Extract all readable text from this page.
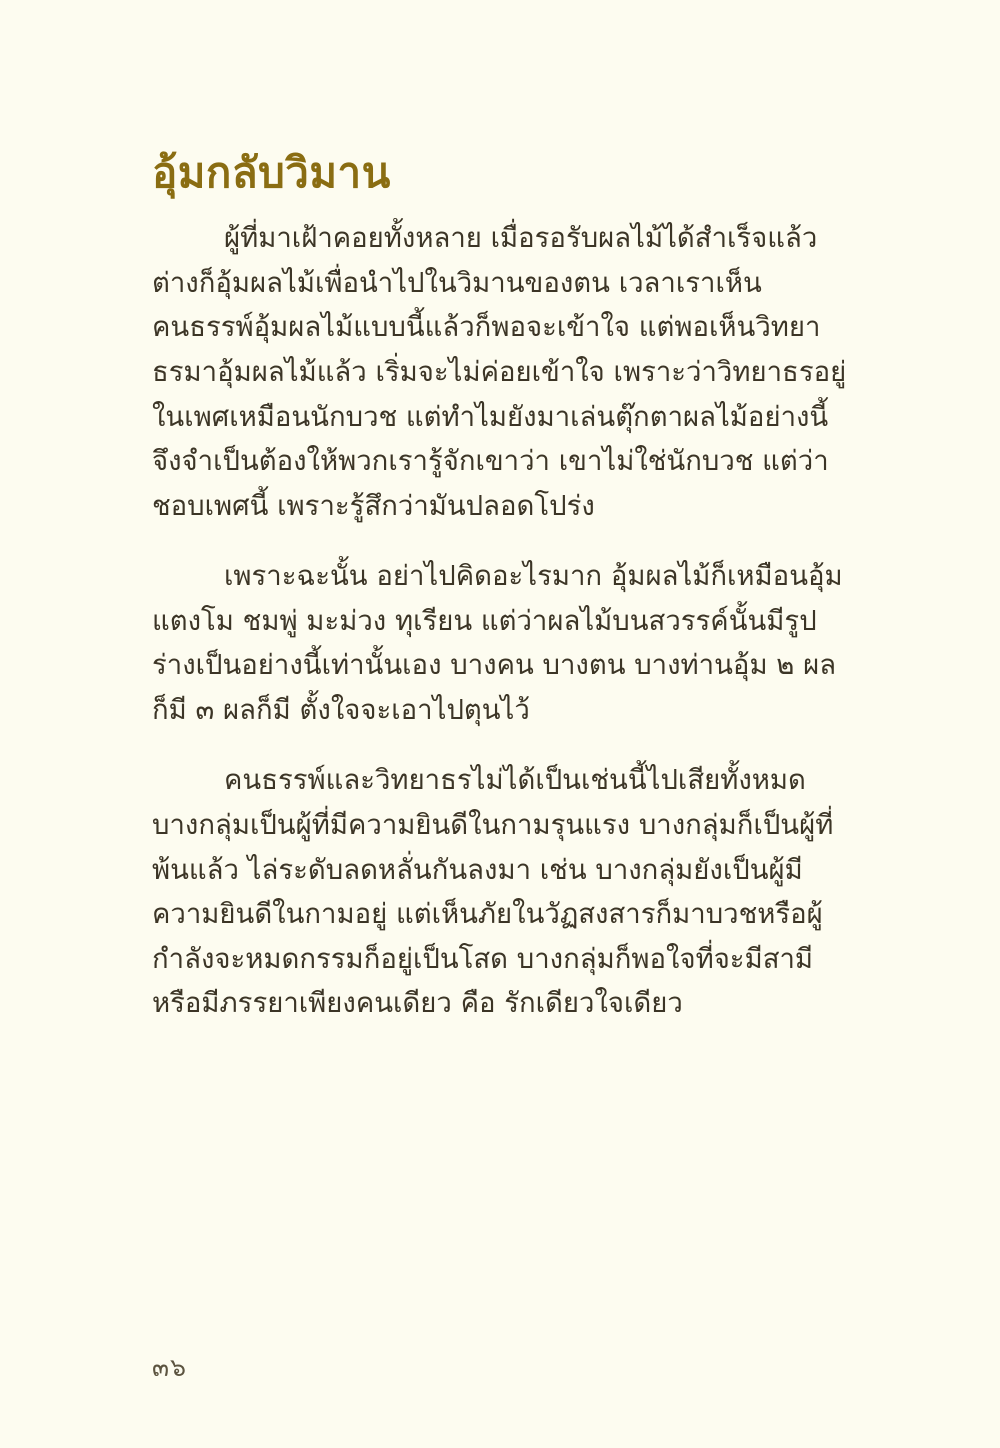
อุ้มกลับวิมาน

ผู้ที่มาเฝ้าคอยทั้งหลาย เมื่อรอรับผลไม้ได้สำเร็จแล้ว ต่างก็อุ้มผลไม้เพื่อนำไปในวิมานของตน เวลาเราเห็นคนธรรพ์อุ้มผลไม้แบบนี้แล้วก็พอจะเข้าใจ แต่พอเห็นวิทยาธรมาอุ้มผลไม้แล้ว เริ่มจะไม่ค่อยเข้าใจ เพราะว่าวิทยาธรอยู่ในเพศเหมือนนักบวช แต่ทำไมยังมาเล่นตุ๊กตาผลไม้อย่างนี้ จึงจำเป็นต้องให้พวกเรารู้จักเขาว่า เขาไม่ใช่นักบวช แต่ว่าชอบเพศนี้ เพราะรู้สึกว่ามันปลอดโปร่ง

เพราะฉะนั้น อย่าไปคิดอะไรมาก อุ้มผลไม้ก็เหมือนอุ้มแตงโม ชมพู่ มะม่วง ทุเรียน แต่ว่าผลไม้บนสวรรค์นั้นมีรูปร่างเป็นอย่างนี้เท่านั้นเอง บางคน บางตน บางท่านอุ้ม ๒ ผลก็มี ๓ ผลก็มี ตั้งใจจะเอาไปตุนไว้

คนธรรพ์และวิทยาธรไม่ได้เป็นเช่นนี้ไปเสียทั้งหมด บางกลุ่มเป็นผู้ที่มีความยินดีในกามรุนแรง บางกลุ่มก็เป็นผู้ที่พ้นแล้ว ไล่ระดับลดหลั่นกันลงมา เช่น บางกลุ่มยังเป็นผู้มีความยินดีในกามอยู่ แต่เห็นภัยในวัฏสงสารก็มาบวชหรือผู้กำลังจะหมดกรรมก็อยู่เป็นโสด บางกลุ่มก็พอใจที่จะมีสามีหรือมีภรรยาเพียงคนเดียว คือ รักเดียวใจเดียว

๓๖
